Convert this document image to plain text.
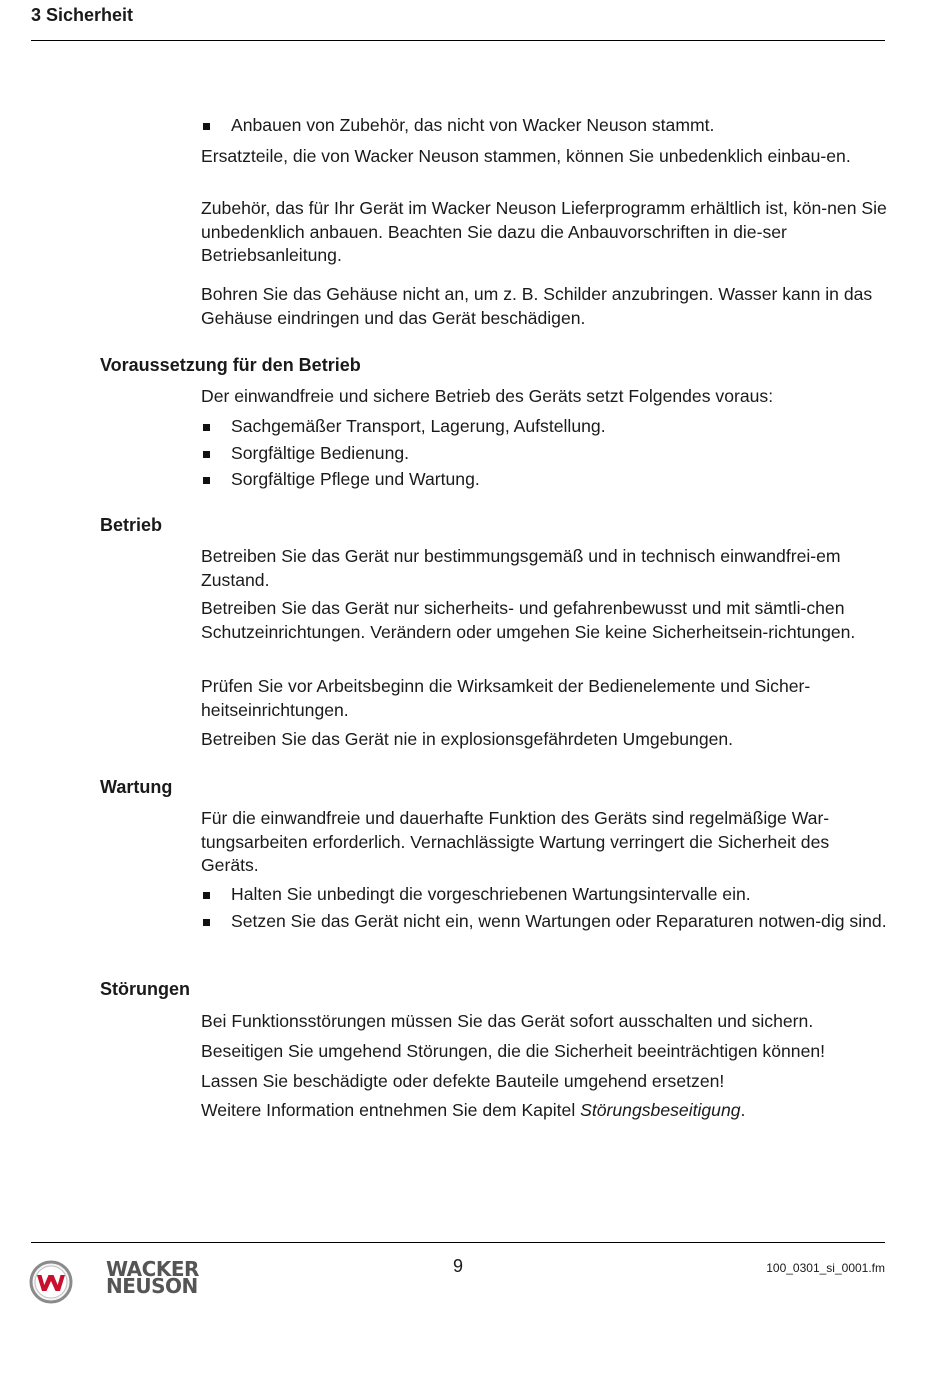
3 Sicherheit
Anbauen von Zubehör, das nicht von Wacker Neuson stammt.

Ersatzteile, die von Wacker Neuson stammen, können Sie unbedenklich einbau-en.

Zubehör, das für Ihr Gerät im Wacker Neuson Lieferprogramm erhältlich ist, kön-nen Sie unbedenklich anbauen. Beachten Sie dazu die Anbauvorschriften in die-ser Betriebsanleitung.

Bohren Sie das Gehäuse nicht an, um z. B. Schilder anzubringen. Wasser kann in das Gehäuse eindringen und das Gerät beschädigen.

Voraussetzung für den Betrieb

Der einwandfreie und sichere Betrieb des Geräts setzt Folgendes voraus:

Sachgemäßer Transport, Lagerung, Aufstellung.
Sorgfältige Bedienung.
Sorgfältige Pflege und Wartung.
Betrieb

Betreiben Sie das Gerät nur bestimmungsgemäß und in technisch einwandfrei-em Zustand.

Betreiben Sie das Gerät nur sicherheits- und gefahrenbewusst und mit sämtli-chen Schutzeinrichtungen. Verändern oder umgehen Sie keine Sicherheitsein-richtungen.

Prüfen Sie vor Arbeitsbeginn die Wirksamkeit der Bedienelemente und Sicher-heitseinrichtungen.

Betreiben Sie das Gerät nie in explosionsgefährdeten Umgebungen.

Wartung

Für die einwandfreie und dauerhafte Funktion des Geräts sind regelmäßige War-tungsarbeiten erforderlich. Vernachlässigte Wartung verringert die Sicherheit des Geräts.

Halten Sie unbedingt die vorgeschriebenen Wartungsintervalle ein.
Setzen Sie das Gerät nicht ein, wenn Wartungen oder Reparaturen notwen-dig sind.
Störungen

Bei Funktionsstörungen müssen Sie das Gerät sofort ausschalten und sichern.

Beseitigen Sie umgehend Störungen, die die Sicherheit beeinträchtigen können!

Lassen Sie beschädigte oder defekte Bauteile umgehend ersetzen!

Weitere Information entnehmen Sie dem Kapitel Störungsbeseitigung.

WACKER
NEUSON

9	100_0301_si_0001.fm
